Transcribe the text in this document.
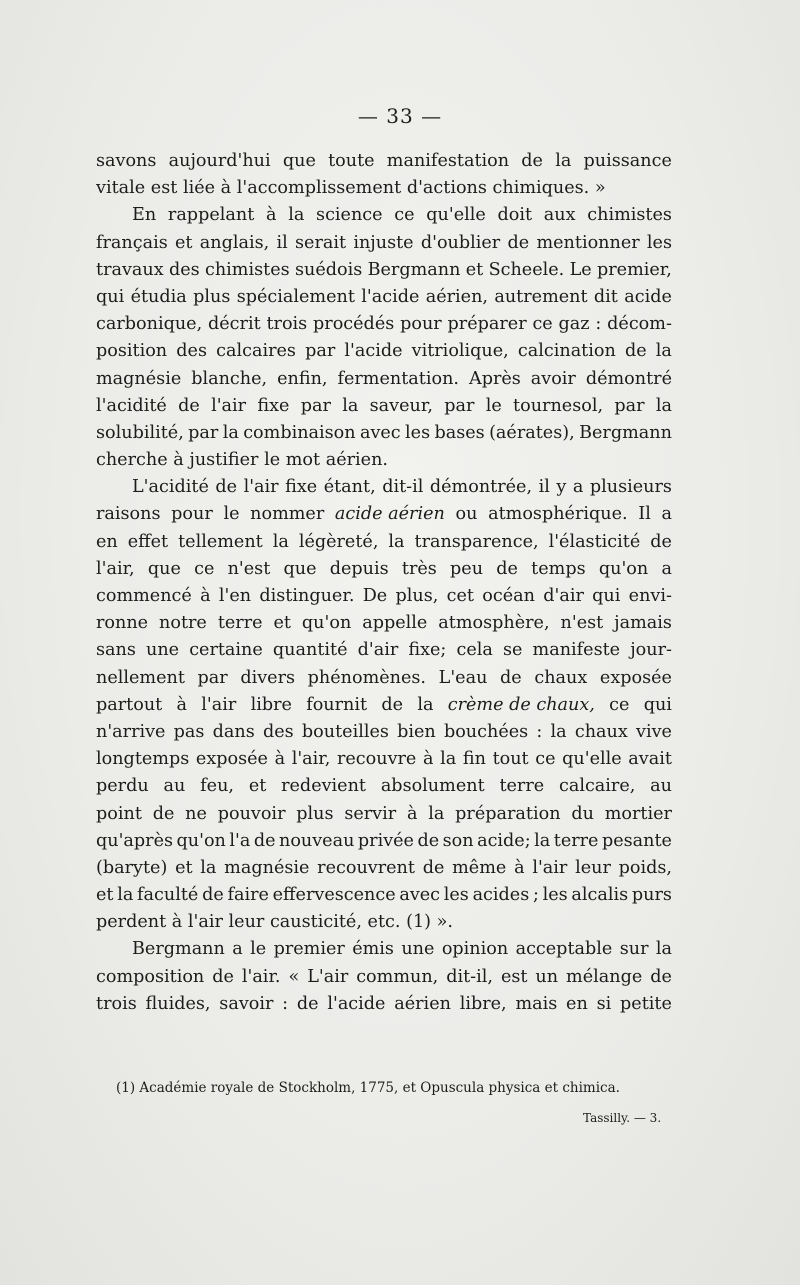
— 33 —
savons aujourd'hui que toute manifestation de la puissance
vitale est liée à l'accomplissement d'actions chimiques. »
En rappelant à la science ce qu'elle doit aux chimistes
français et anglais, il serait injuste d'oublier de mentionner les
travaux des chimistes suédois Bergmann et Scheele. Le premier,
qui étudia plus spécialement l'acide aérien, autrement dit acide
carbonique, décrit trois procédés pour préparer ce gaz : décom-
position des calcaires par l'acide vitriolique, calcination de la
magnésie blanche, enfin, fermentation. Après avoir démontré
l'acidité de l'air fixe par la saveur, par le tournesol, par la
solubilité, par la combinaison avec les bases (aérates), Bergmann
cherche à justifier le mot aérien.
L'acidité de l'air fixe étant, dit-il démontrée, il y a plusieurs
raisons pour le nommer acide aérien ou atmosphérique. Il a
en effet tellement la légèreté, la transparence, l'élasticité de
l'air, que ce n'est que depuis très peu de temps qu'on a
commencé à l'en distinguer. De plus, cet océan d'air qui envi-
ronne notre terre et qu'on appelle atmosphère, n'est jamais
sans une certaine quantité d'air fixe; cela se manifeste jour-
nellement par divers phénomènes. L'eau de chaux exposée
partout à l'air libre fournit de la crème de chaux, ce qui
n'arrive pas dans des bouteilles bien bouchées : la chaux vive
longtemps exposée à l'air, recouvre à la fin tout ce qu'elle avait
perdu au feu, et redevient absolument terre calcaire, au
point de ne pouvoir plus servir à la préparation du mortier
qu'après qu'on l'a de nouveau privée de son acide; la terre pesante
(baryte) et la magnésie recouvrent de même à l'air leur poids,
et la faculté de faire effervescence avec les acides ; les alcalis purs
perdent à l'air leur causticité, etc. (1) ».
Bergmann a le premier émis une opinion acceptable sur la
composition de l'air. « L'air commun, dit-il, est un mélange de
trois fluides, savoir : de l'acide aérien libre, mais en si petite
(1) Académie royale de Stockholm, 1775, et Opuscula physica et chimica.
Tassilly. — 3.
